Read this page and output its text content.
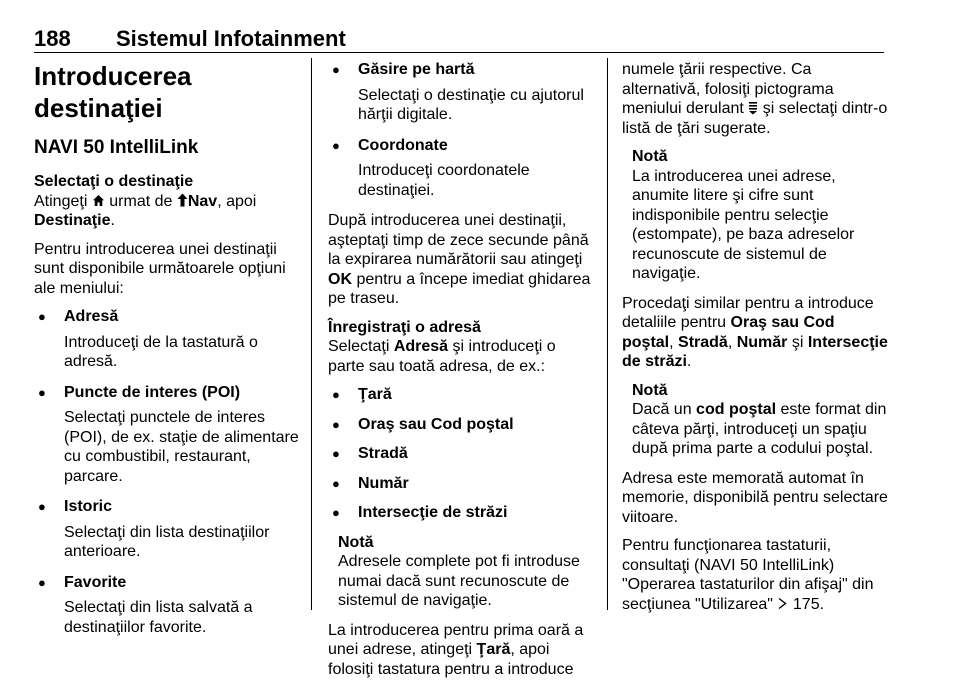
188 Sistemul Infotainment
Introducerea destinaţiei
NAVI 50 IntelliLink

Selectaţi o destinaţie
Atingeţi  urmat de Nav, apoi
Destinaţie.

Pentru introducerea unei destinaţii sunt disponibile următoarele opţiuni ale meniului:

● Adresă
Introduceţi de la tastatură o adresă.
● Puncte de interes (POI)
Selectaţi punctele de interes (POI), de ex. staţie de alimentare cu combustibil, restaurant, parcare.
● Istoric
Selectaţi din lista destinaţiilor anterioare.
● Favorite
Selectaţi din lista salvată a destinaţiilor favorite.
● Găsire pe hartă
Selectaţi o destinaţie cu ajutorul hărţii digitale.
● Coordonate
Introduceţi coordonatele destinaţiei.

După introducerea unei destinaţii, aşteptaţi timp de zece secunde până la expirarea numărătorii sau atingeţi OK pentru a începe imediat ghidarea pe traseu.

Înregistraţi o adresă
Selectaţi Adresă şi introduceţi o parte sau toată adresa, de ex.:

● Ţară
● Oraş sau Cod poştal
● Stradă
● Număr
● Intersecţie de străzi
Notă
Adresele complete pot fi introduse numai dacă sunt recunoscute de sistemul de navigaţie.

La introducerea pentru prima oară a unei adrese, atingeţi Ţară, apoi folosiţi tastatura pentru a introduce

numele ţării respective. Ca alternativă, folosiţi pictograma meniului derulant  şi selectaţi dintr-o listă de ţări sugerate.

Notă
La introducerea unei adrese, anumite litere şi cifre sunt indisponibile pentru selecţie (estompate), pe baza adreselor recunoscute de sistemul de navigaţie.

Procedaţi similar pentru a introduce detaliile pentru Oraş sau Cod poştal, Stradă, Număr şi Intersecţie de străzi.

Notă
Dacă un cod poştal este format din câteva părţi, introduceţi un spaţiu după prima parte a codului poştal.

Adresa este memorată automat în memorie, disponibilă pentru selectare viitoare.

Pentru funcţionarea tastaturii, consultaţi (NAVI 50 IntelliLink) "Operarea tastaturilor din afişaj" din secţiunea "Utilizarea"  175.
